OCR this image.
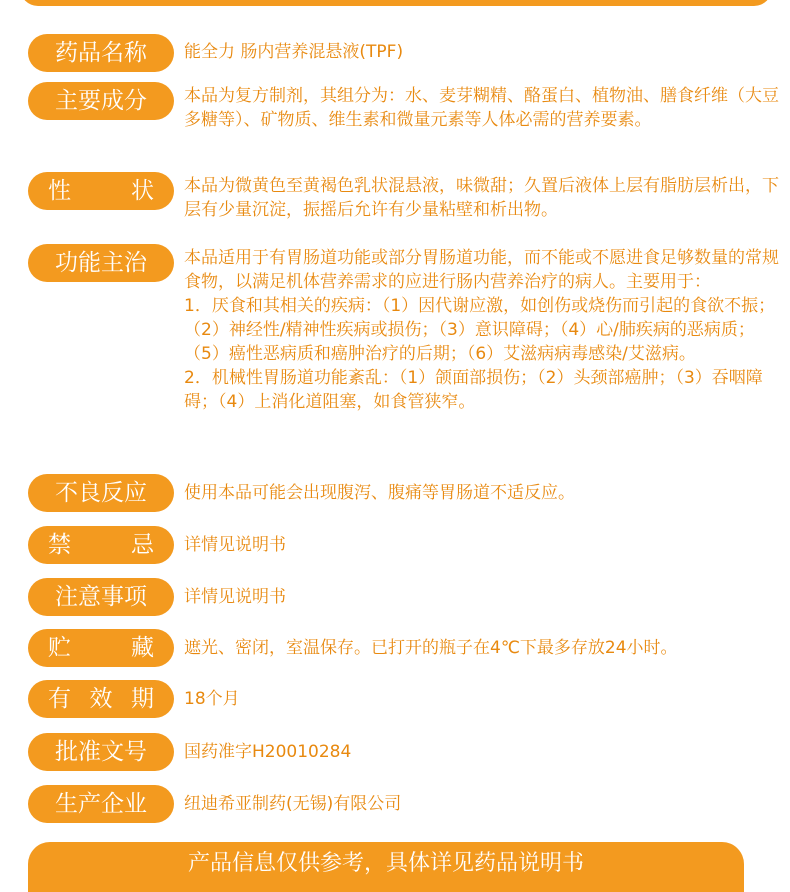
药品名称	能全力 肠内营养混悬液(TPF)
主要成分	本品为复方制剂，其组分为：水、麦芽糊精、酪蛋白、植物油、膳食纤维（大豆多糖等）、矿物质、维生素和微量元素等人体必需的营养要素。
性　　状	本品为微黄色至黄褐色乳状混悬液，味微甜；久置后液体上层有脂肪层析出，下层有少量沉淀，振摇后允许有少量粘壁和析出物。
功能主治	本品适用于有胃肠道功能或部分胃肠道功能，而不能或不愿进食足够数量的常规食物，以满足机体营养需求的应进行肠内营养治疗的病人。主要用于：

1．厌食和其相关的疾病：（1）因代谢应激，如创伤或烧伤而引起的食欲不振；（2）神经性/精神性疾病或损伤；（3）意识障碍；（4）心/肺疾病的恶病质；（5）癌性恶病质和癌肿治疗的后期；（6）艾滋病病毒感染/艾滋病。

2．机械性胃肠道功能紊乱：（1）颌面部损伤；（2）头颈部癌肿；（3）吞咽障碍；（4）上消化道阻塞，如食管狭窄。

不良反应	使用本品可能会出现腹泻、腹痛等胃肠道不适反应。
禁　　忌	详情见说明书
注意事项	详情见说明书
贮　　藏	遮光、密闭，室温保存。已打开的瓶子在4℃下最多存放24小时。
有 效 期	18个月
批准文号	国药准字H20010284
生产企业	纽迪希亚制药(无锡)有限公司
产品信息仅供参考，具体详见药品说明书
